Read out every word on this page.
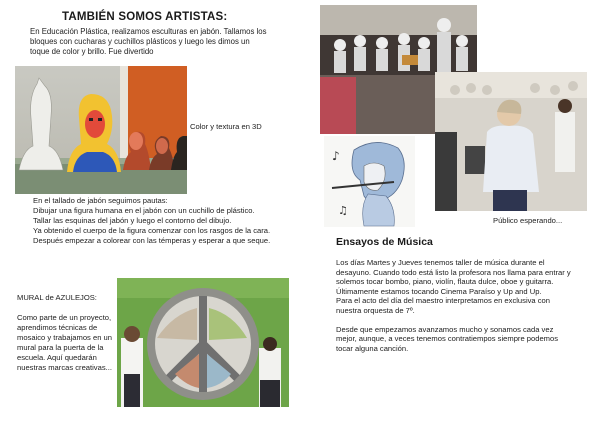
TAMBIÉN SOMOS ARTISTAS:
En Educación Plástica, realizamos esculturas en jabón. Tallamos los bloques con cucharas y cuchillos plásticos y luego les dimos un toque de color y brillo. Fue divertido
Color y textura en 3D

En el tallado de jabón seguimos pautas:

Dibujar una figura humana en el jabón con un cuchillo de plástico.

Tallar las esquinas del jabón y luego el contorno del dibujo.

Ya obtenido el cuerpo de la figura comenzar con los rasgos de la cara.

Después empezar a colorear con las témperas y esperar a que seque.

MURAL de AZULEJOS:
Como parte de un proyecto, aprendimos técnicas de mosaico y trabajamos en un mural para la puerta de la escuela. Aquí quedarán nuestras marcas creativas...
♪
♫
Público esperando...
Ensayos de Música

Los días Martes y Jueves tenemos taller de música durante el desayuno. Cuando todo está listo la profesora nos llama para entrar y solemos tocar bombo, piano, violín, flauta dulce, oboe y guitarra.

Últimamente estamos tocando Cinema Paraíso y Up and Up.

Para el acto del día del maestro interpretamos en exclusiva con nuestra orquesta de 7º.

Desde que empezamos avanzamos mucho y sonamos cada vez mejor, aunque, a veces tenemos contratiempos siempre podemos tocar alguna canción.
